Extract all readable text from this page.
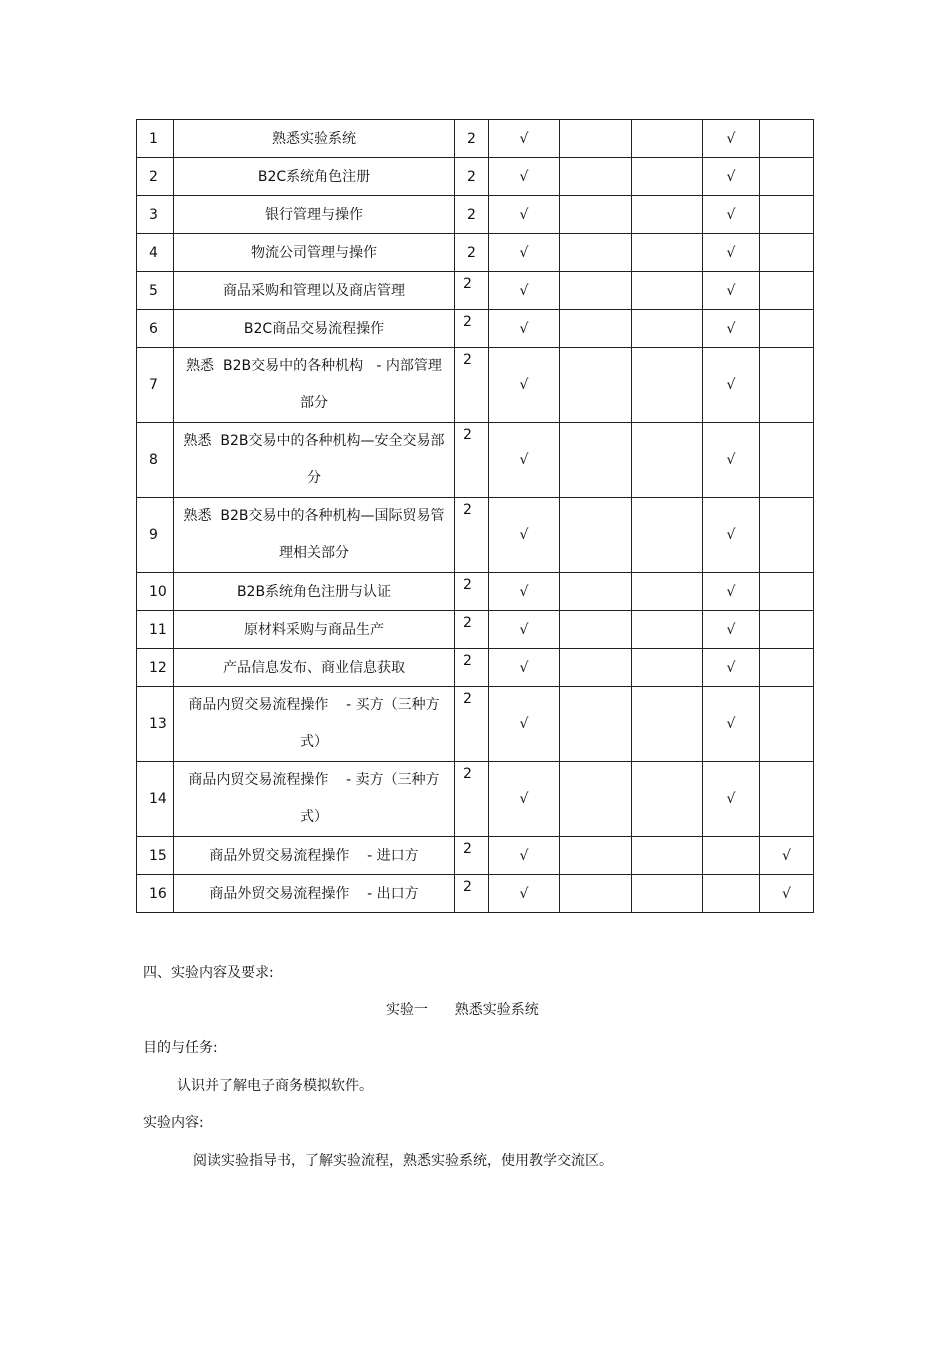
1	熟悉实验系统	2	√			√	
2	B2C系统角色注册	2	√			√	
3	银行管理与操作	2	√			√	
4	物流公司管理与操作	2	√			√	
5	商品采购和管理以及商店管理	2	√			√	
6	B2C商品交易流程操作	2	√			√	
7	熟悉  B2B交易中的各种机构   - 内部管理部分	2	√			√	
8	熟悉  B2B交易中的各种机构—安全交易部分	2	√			√	
9	熟悉  B2B交易中的各种机构—国际贸易管理相关部分	2	√			√	
10	B2B系统角色注册与认证	2	√			√	
11	原材料采购与商品生产	2	√			√	
12	产品信息发布、商业信息获取	2	√			√	
13	商品内贸交易流程操作    - 买方（三种方式）	2	√			√	
14	商品内贸交易流程操作    - 卖方（三种方式）	2	√			√	
15	商品外贸交易流程操作    - 进口方	2	√				√
16	商品外贸交易流程操作    - 出口方	2	√				√
四、实验内容及要求:
实验一      熟悉实验系统
目的与任务:
认识并了解电子商务模拟软件。
实验内容:
阅读实验指导书，了解实验流程，熟悉实验系统，使用教学交流区。
